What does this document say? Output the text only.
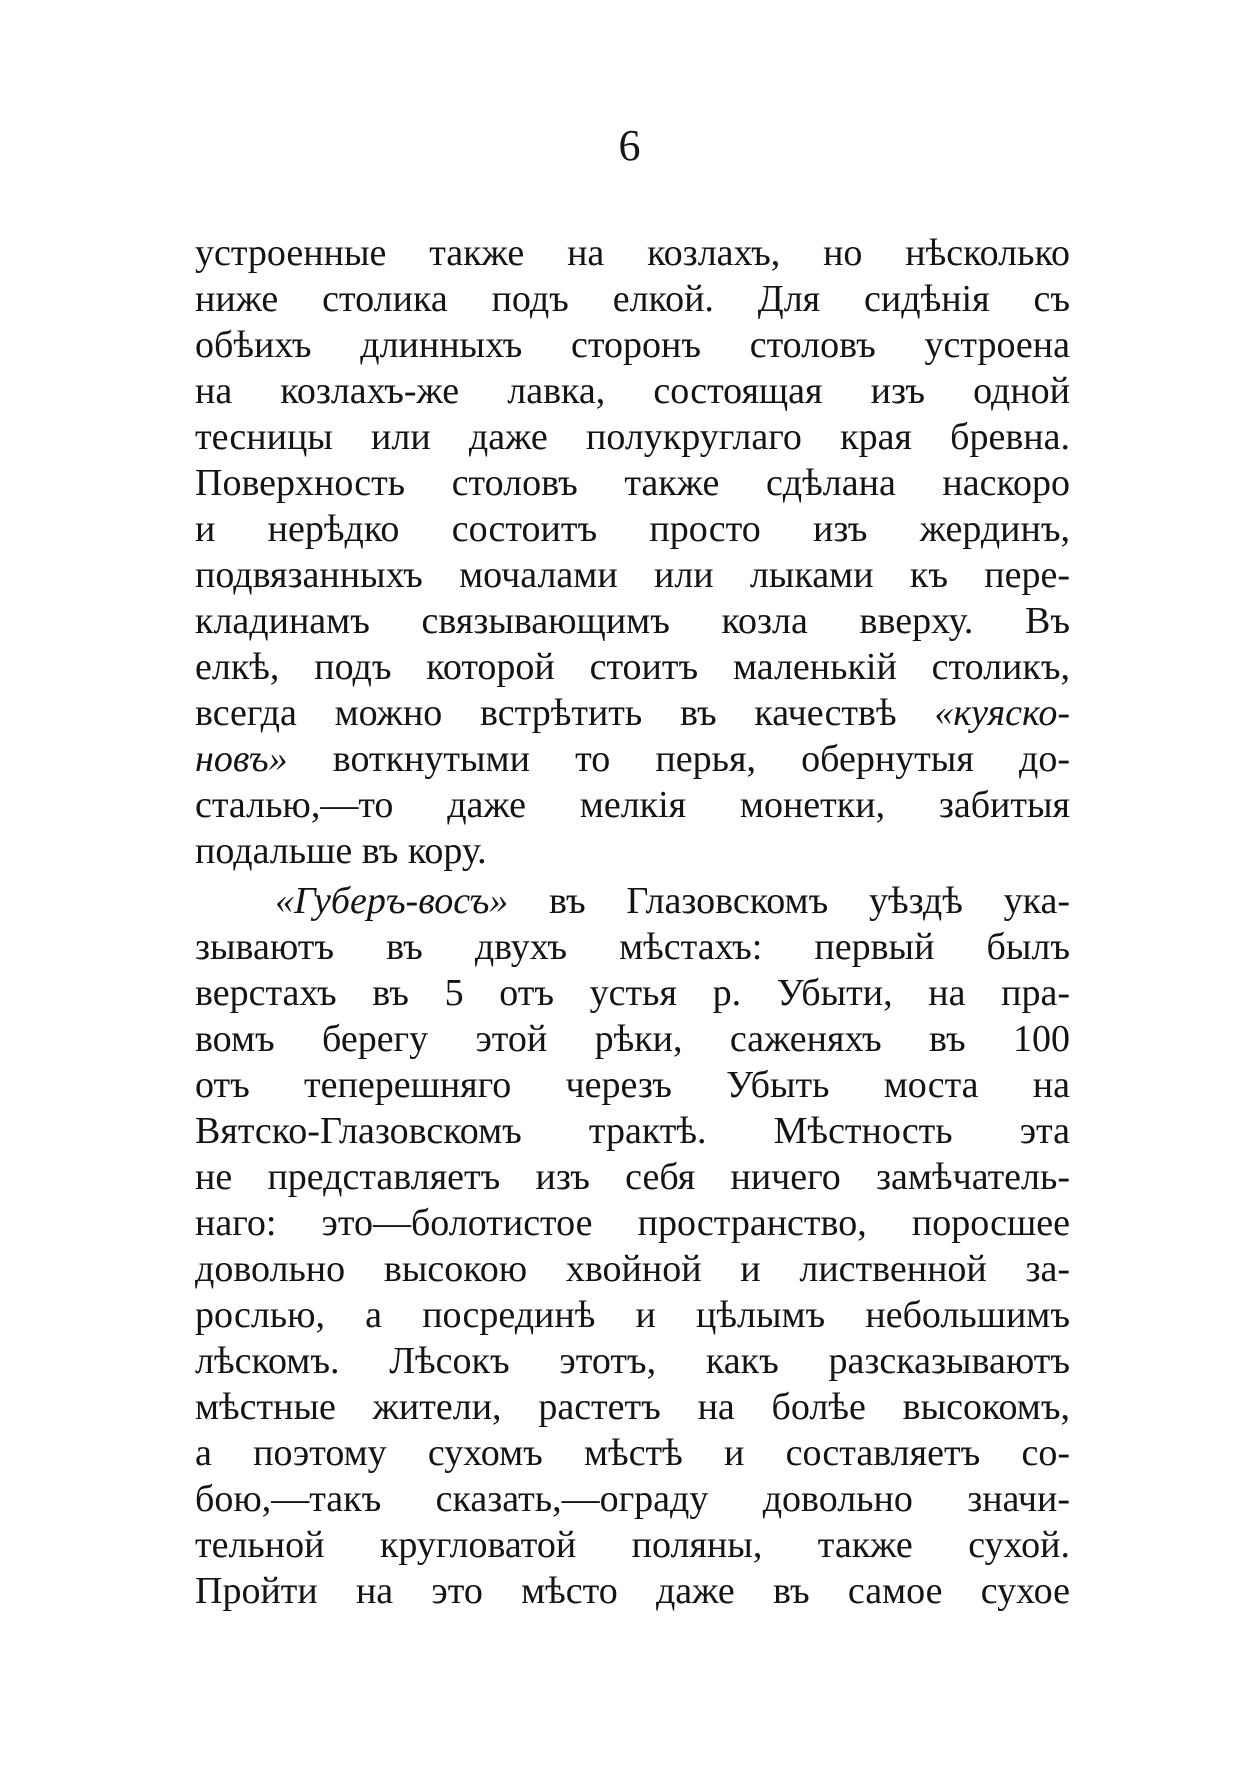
6
устроенные также на козлахъ, но нѣсколько
ниже столика подъ елкой. Для сидѣнія съ
обѣихъ длинныхъ сторонъ столовъ устроена
на козлахъ-же лавка, состоящая изъ одной
тесницы или даже полукруглаго края бревна.
Поверхность столовъ также сдѣлана наскоро
и нерѣдко состоитъ просто изъ жердинъ,
подвязанныхъ мочалами или лыками къ пере-
кладинамъ связывающимъ козла вверху. Въ
елкѣ, подъ которой стоитъ маленькій столикъ,
всегда можно встрѣтить въ качествѣ «куяско-
новъ» воткнутыми то перья, обернутыя до-
сталью,—то даже мелкія монетки, забитыя
подальше въ кору.
«Губеръ-восъ» въ Глазовскомъ уѣздѣ ука-
зываютъ въ двухъ мѣстахъ: первый былъ
верстахъ въ 5 отъ устья р. Убыти, на пра-
вомъ берегу этой рѣки, саженяхъ въ 100
отъ теперешняго черезъ Убыть моста на
Вятско-Глазовскомъ трактѣ. Мѣстность эта
не представляетъ изъ себя ничего замѣчатель-
наго: это—болотистое пространство, поросшее
довольно высокою хвойной и лиственной за-
рослью, а посрединѣ и цѣлымъ небольшимъ
лѣскомъ. Лѣсокъ этотъ, какъ разсказываютъ
мѣстные жители, растетъ на болѣе высокомъ,
а поэтому сухомъ мѣстѣ и составляетъ со-
бою,—такъ сказать,—ограду довольно значи-
тельной кругловатой поляны, также сухой.
Пройти на это мѣсто даже въ самое сухое
